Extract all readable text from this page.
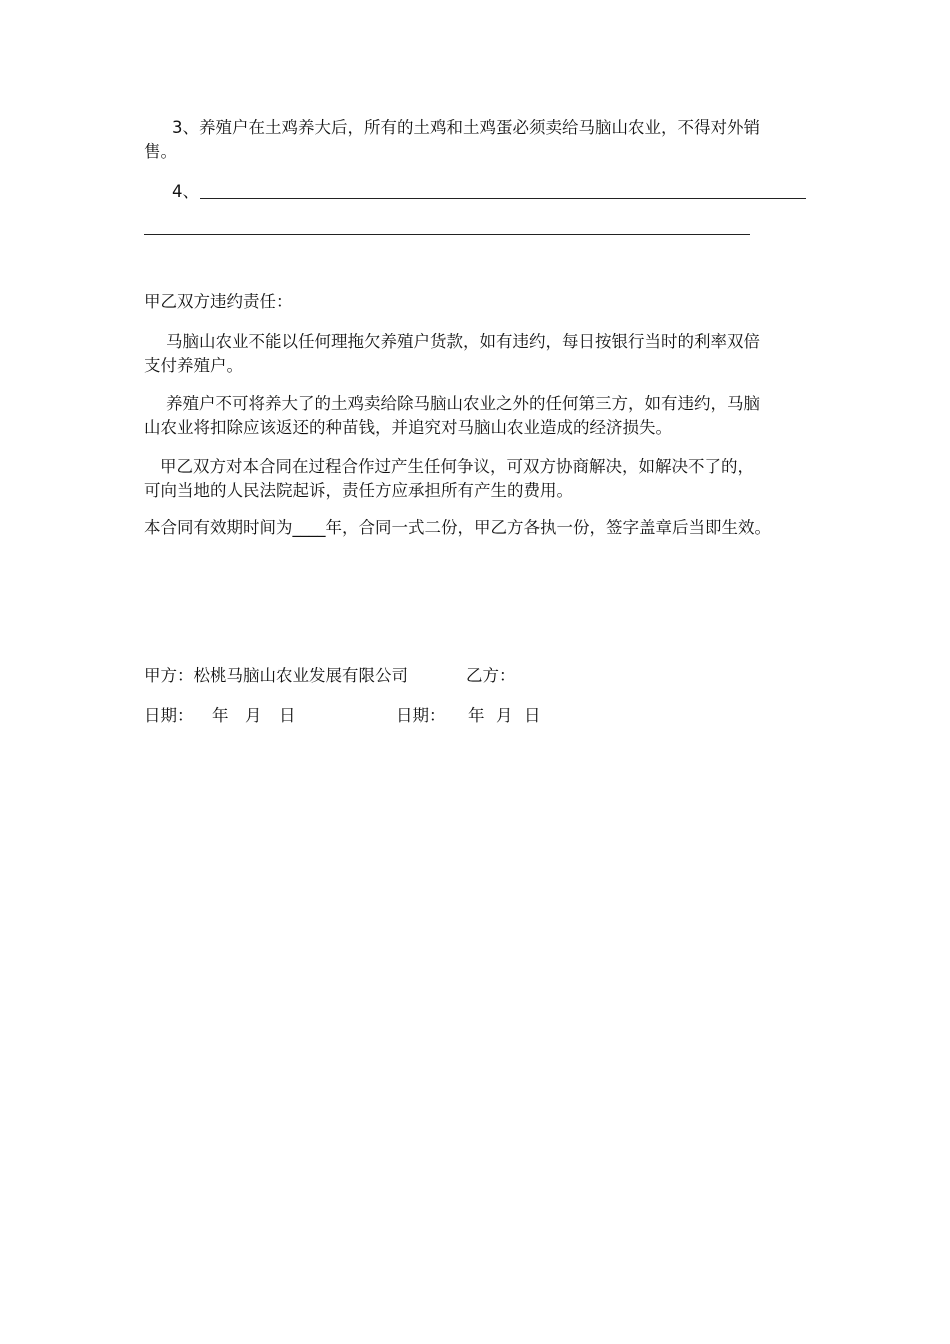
3、养殖户在土鸡养大后，所有的土鸡和土鸡蛋必须卖给马脑山农业，不得对外销
售。

4、

甲乙双方违约责任：

马脑山农业不能以任何理拖欠养殖户货款，如有违约，每日按银行当时的利率双倍
支付养殖户。

养殖户不可将养大了的土鸡卖给除马脑山农业之外的任何第三方，如有违约，马脑
山农业将扣除应该返还的种苗钱，并追究对马脑山农业造成的经济损失。

甲乙双方对本合同在过程合作过产生任何争议，可双方协商解决，如解决不了的，
可向当地的人民法院起诉，责任方应承担所有产生的费用。

本合同有效期时间为____年，合同一式二份，甲乙方各执一份，签字盖章后当即生效。

甲方：松桃马脑山农业发展有限公司	乙方：
日期： 年 月 日	日期： 年 月 日
